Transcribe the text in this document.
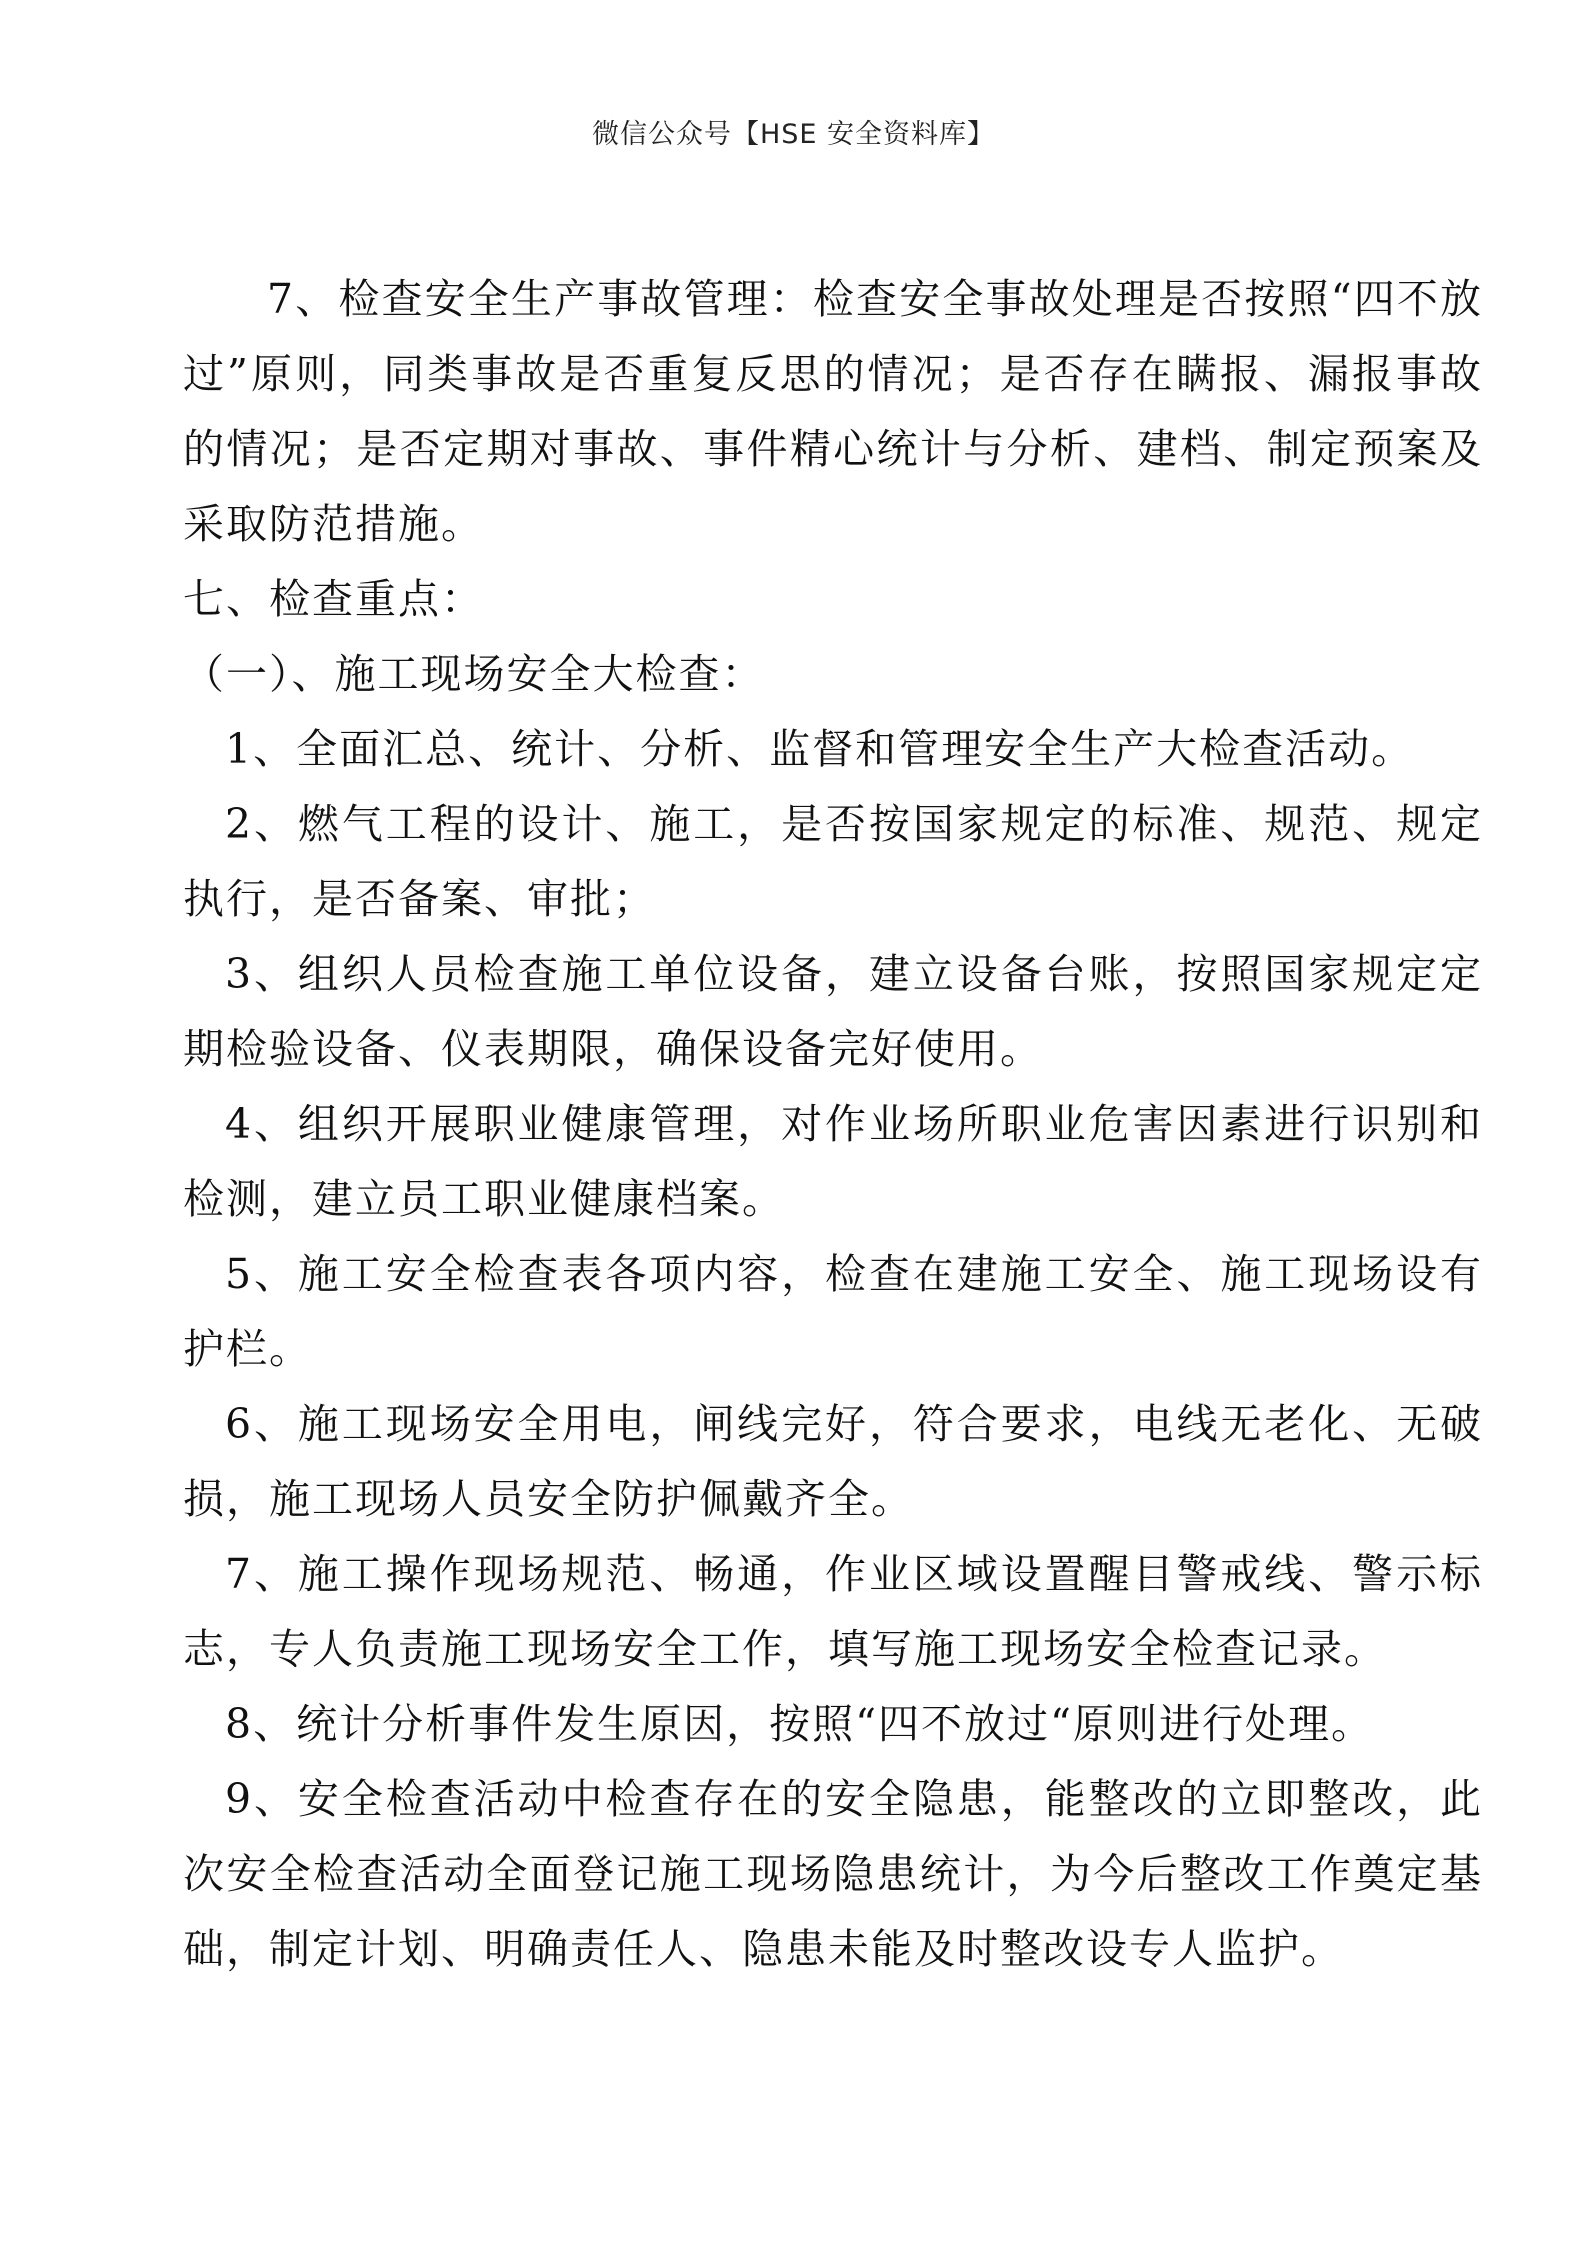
微信公众号【HSE 安全资料库】

7、检查安全生产事故管理：检查安全事故处理是否按照“四不放过”原则，同类事故是否重复反思的情况；是否存在瞒报、漏报事故的情况；是否定期对事故、事件精心统计与分析、建档、制定预案及采取防范措施。

七、检查重点：

（一）、施工现场安全大检查：

1、全面汇总、统计、分析、监督和管理安全生产大检查活动。

2、燃气工程的设计、施工，是否按国家规定的标准、规范、规定执行，是否备案、审批；

3、组织人员检查施工单位设备，建立设备台账，按照国家规定定期检验设备、仪表期限，确保设备完好使用。

4、组织开展职业健康管理，对作业场所职业危害因素进行识别和检测，建立员工职业健康档案。

5、施工安全检查表各项内容，检查在建施工安全、施工现场设有护栏。

6、施工现场安全用电，闸线完好，符合要求，电线无老化、无破损，施工现场人员安全防护佩戴齐全。

7、施工操作现场规范、畅通，作业区域设置醒目警戒线、警示标志，专人负责施工现场安全工作，填写施工现场安全检查记录。

8、统计分析事件发生原因，按照“四不放过“原则进行处理。

9、安全检查活动中检查存在的安全隐患，能整改的立即整改，此次安全检查活动全面登记施工现场隐患统计，为今后整改工作奠定基础，制定计划、明确责任人、隐患未能及时整改设专人监护。
